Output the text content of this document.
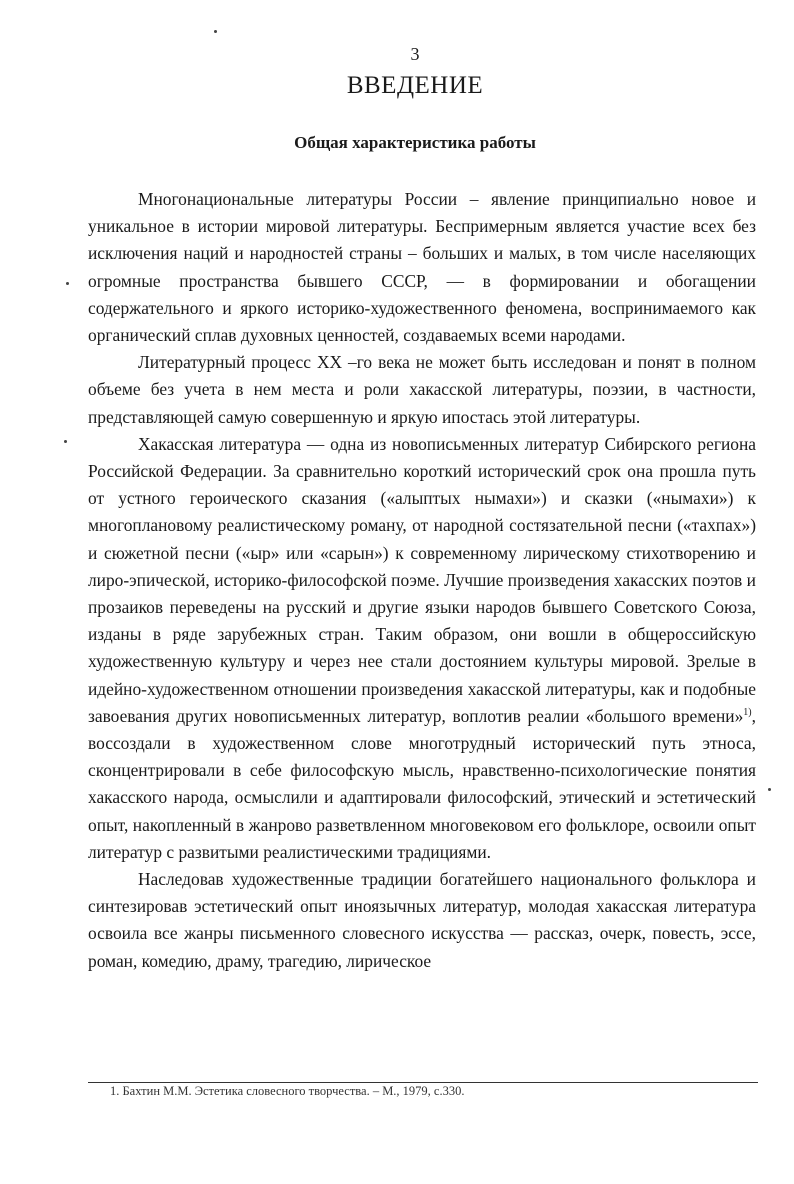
3
ВВЕДЕНИЕ
Общая характеристика работы

Многонациональные литературы России – явление принципиально новое и уникальное в истории мировой литературы. Беспримерным является участие всех без исключения наций и народностей страны – больших и малых, в том числе населяющих огромные пространства бывшего СССР, — в формировании и обогащении содержательного и яркого историко-художественного феномена, воспринимаемого как органический сплав духовных ценностей, создаваемых всеми народами.

Литературный процесс XX –го века не может быть исследован и понят в полном объеме без учета в нем места и роли хакасской литературы, поэзии, в частности, представляющей самую совершенную и яркую ипостась этой литературы.

Хакасская литература — одна из новописьменных литератур Сибирского региона Российской Федерации. За сравнительно короткий исторический срок она прошла путь от устного героического сказания («алыптых нымахи») и сказки («нымахи») к многоплановому реалистическому роману, от народной состязательной песни («тахпах») и сюжетной песни («ыр» или «сарын») к современному лирическому стихотворению и лиро-эпической, историко-философской поэме. Лучшие произведения хакасских поэтов и прозаиков переведены на русский и другие языки народов бывшего Советского Союза, изданы в ряде зарубежных стран. Таким образом, они вошли в общероссийскую художественную культуру и через нее стали достоянием культуры мировой. Зрелые в идейно-художественном отношении произведения хакасской литературы, как и подобные завоевания других новописьменных литератур, воплотив реалии «большого времени»$^{1)}$, воссоздали в художественном слове многотрудный исторический путь этноса, сконцентрировали в себе философскую мысль, нравственно-психологические понятия хакасского народа, осмыслили и адаптировали философский, этический и эстетический опыт, накопленный в жанрово разветвленном многовековом его фольклоре, освоили опыт литератур с развитыми реалистическими традициями.

Наследовав художественные традиции богатейшего национального фольклора и синтезировав эстетический опыт иноязычных литератур, молодая хакасская литература освоила все жанры письменного словесного искусства — рассказ, очерк, повесть, эссе, роман, комедию, драму, трагедию, лирическое

1. Бахтин М.М. Эстетика словесного творчества. – М., 1979, с.330.
